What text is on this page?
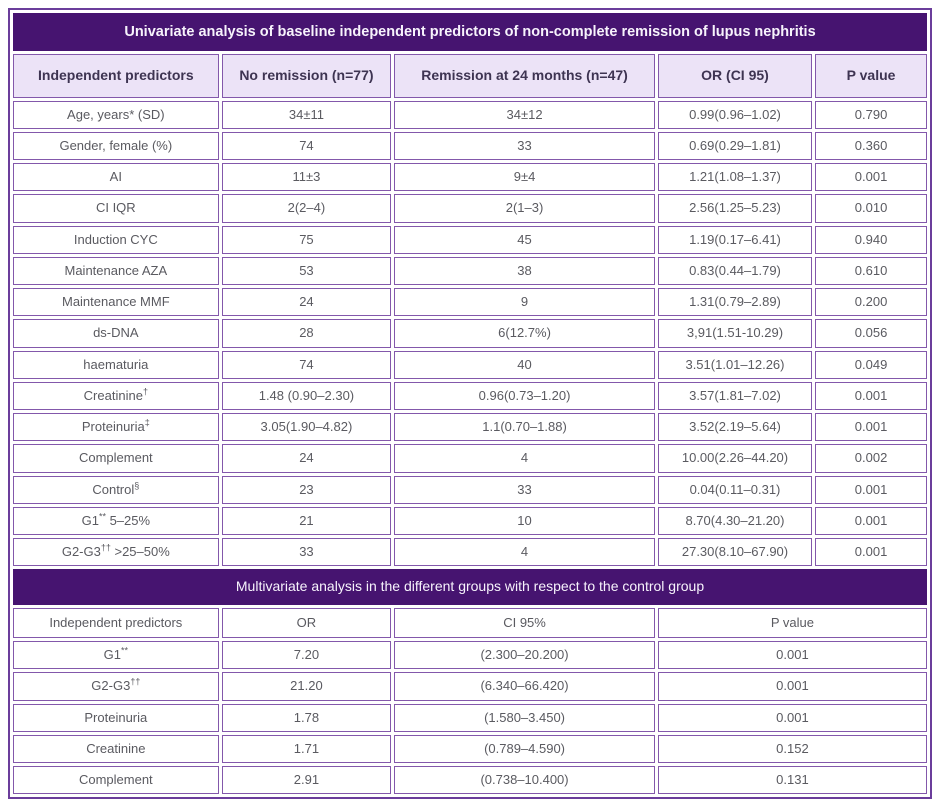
Univariate analysis of baseline independent predictors of non-complete remission of lupus nephritis				
Independent predictors	No remission (n=77)	Remission at 24 months (n=47)	OR (CI 95)	P value
Age, years* (SD)	34±11	34±12	0.99(0.96–1.02)	0.790
Gender, female (%)	74	33	0.69(0.29–1.81)	0.360
AI	11±3	9±4	1.21(1.08–1.37)	0.001
CI IQR	2(2–4)	2(1–3)	2.56(1.25–5.23)	0.010
Induction CYC	75	45	1.19(0.17–6.41)	0.940
Maintenance AZA	53	38	0.83(0.44–1.79)	0.610
Maintenance MMF	24	9	1.31(0.79–2.89)	0.200
ds-DNA	28	6(12.7%)	3,91(1.51-10.29)	0.056
haematuria	74	40	3.51(1.01–12.26)	0.049
Creatinine†	1.48 (0.90–2.30)	0.96(0.73–1.20)	3.57(1.81–7.02)	0.001
Proteinuria‡	3.05(1.90–4.82)	1.1(0.70–1.88)	3.52(2.19–5.64)	0.001
Complement	24	4	10.00(2.26–44.20)	0.002
Control§	23	33	0.04(0.11–0.31)	0.001
G1** 5–25%	21	10	8.70(4.30–21.20)	0.001
G2-G3†† >25–50%	33	4	27.30(8.10–67.90)	0.001
Multivariate analysis in the different groups with respect to the control group				
Independent predictors	OR	CI 95%	P value	
G1**	7.20	(2.300–20.200)	0.001	
G2-G3††	21.20	(6.340–66.420)	0.001	
Proteinuria	1.78	(1.580–3.450)	0.001	
Creatinine	1.71	(0.789–4.590)	0.152	
Complement	2.91	(0.738–10.400)	0.131	
